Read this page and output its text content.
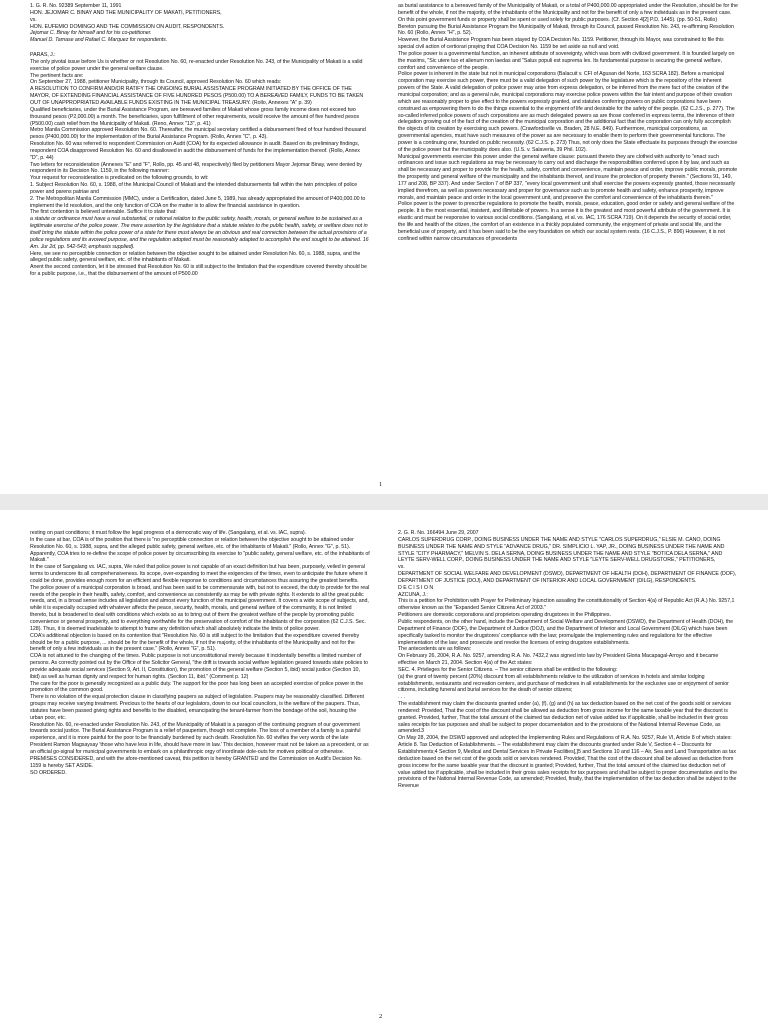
1. G. R. No. 92389 September 11, 1991

HON. JEJOMAR C. BINAY AND THE MUNICIPALITY OF MAKATI, PETITIONERS,

vs.

HON. EUFEMIO DOMINGO AND THE COMMISSION ON AUDIT, RESPONDENTS.

Jejomar C. Binay for himself and for his co-petitioner.

Manuel D. Tamase and Rafael C. Marquez for respondents.

PARAS, J.:

The only pivotal issue before Us is whether or not Resolution No. 60, re-enacted under Resolution No. 243, of the Municipality of Makati is a valid exercise of police power under the general welfare clause.

The pertinent facts are:

On September 27, 1988, petitioner Municipality, through its Council, approved Resolution No. 60 which reads:

A RESOLUTION TO CONFIRM AND/OR RATIFY THE ONGOING BURIAL ASSISTANCE PROGRAM INITIATED BY THE OFFICE OF THE MAYOR, OF EXTENDING FINANCIAL ASSISTANCE OF FIVE HUNDRED PESOS (P500.00) TO A BEREAVED FAMILY, FUNDS TO BE TAKEN OUT OF UNAPPROPRIATED AVAILABLE FUNDS EXISTING IN THE MUNICIPAL TREASURY. (Rollo, Annexes "A" p. 39)

Qualified beneficiaries, under the Burial Assistance Program, are bereaved families of Makati whose gross family income does not exceed two thousand pesos (P2,000.00) a month. The beneficiaries, upon fulfillment of other requirements, would receive the amount of five hundred pesos (P500.00) cash relief from the Municipality of Makati. (Reno, Annex "13", p. 41)

Metro Manila Commission approved Resolution No. 60. Thereafter, the municipal secretary certified a disbursement fired of four hundred thousand pesos (P400,000.00) for the implementation of the Burial Assistance Program. (Rollo, Annex "C", p. 43).

Resolution No. 60 was referred to respondent Commission on Audit (COA) for its expected allowance in audit. Based on its preliminary findings, respondent COA disapproved Resolution No. 60 and disallowed in audit the disbursement of funds for the implementation thereof. (Rollo, Annex "D", p. 44)

Two letters for reconsideration (Annexes "E" and "F", Rollo, pp. 45 and 48, respectively) filed by petitioners Mayor Jejomar Binay, were denied by respondent in its Decision No. 1159, in the following manner:

Your request for reconsideration is predicated on the following grounds, to wit:

1. Subject Resolution No. 60, s. 1988, of the Municipal Council of Makati and the intended disbursements fall within the twin principles of police power and parens patriae and

2. The Metropolitan Manila Commission (MMC), under a Certification, dated June 5, 1989, has already appropriated the amount of P400,000.00 to implement the Id resolution, and the only function of COA on the matter is to allow the financial assistance in question.

The first contention is believed untenable. Suffice it to state that:

a statute or ordinance must have a real substantial, or rational relation to the public safety, health, morals, or general welfare to be sustained as a legitimate exercise of the police power. The mere assertion by the legislature that a statute relates to the public health, safety, or welfare does not in itself bring the statute within the police power of a state for there must always be an obvious and real connection between the actual provisions of a police regulations and its avowed purpose, and the regulation adopted must be reasonably adapted to accomplish the end sought to be attained. 16 Am. Jur 2d, pp. 542-543; emphasis supplied).

Here, we see no perceptible connection or relation between the objective sought to be attained under Resolution No. 60, s. 1988, supra, and the alleged public safety, general welfare, etc. of the inhabitants of Makati.

Anent the second contention, let it be stressed that Resolution No. 60 is still subject to the limitation that the expenditure covered thereby should be for a public purpose, i.e., that the disbursement of the amount of P500.00

as burial assistance to a bereaved family of the Municipality of Makati, or a total of P400,000.00 appropriated under the Resolution, should be for the benefit of the whole, if not the majority, of the inhabitants of the Municipality and not for the benefit of only a few individuals as in the present case. On this point government funds or property shall be spent or used solely for public purposes. (Cf. Section 4[2] P.D. 1445). (pp. 50-51, Rollo)

Bereton pursuing the Burial Assistance Program the Municipality of Makati, through its Council, passed Resolution No. 243, re-affirming Resolution No. 60 (Rollo, Annex "H", p. 52).

However, the Burial Assistance Program has been stayed by COA Decision No. 1159. Petitioner, through its Mayor, was constrained to file this special civil action of certiorari praying that COA Decision No. 1159 be set aside as null and void.

The police power is a governmental function, an inherent attribute of sovereignty, which was born with civilized government. It is founded largely on the maxims, "Sic utere tuo et alienum non laedas and "Salus populi est suprema lex. Its fundamental purpose is securing the general welfare, comfort and convenience of the people.

Police power is inherent in the state but not in municipal corporations (Balacuit v. CFI of Agusan del Norte, 163 SCRA 182). Before a municipal corporation may exercise such power, there must be a valid delegation of such power by the legislature which is the repository of the inherent powers of the State. A valid delegation of police power may arise from express delegation, or be inferred from the mere fact of the creation of the municipal corporation; and as a general rule, municipal corporations may exercise police powers within the fair intent and purpose of their creation which are reasonably proper to give effect to the powers expressly granted, and statutes conferring powers on public corporations have been construed as empowering them to do the things essential to the enjoyment of life and desirable for the safety of the people. (62 C.J.S., p. 277). The so-called inferred police powers of such corporations are as much delegated powers as are those conferred in express terms, the inference of their delegation growing out of the fact of the creation of the municipal corporation and the additional fact that the corporation can only fully accomplish the objects of its creation by exercising such powers. (Crawfordsville vs. Braden, 28 N.E. 849). Furthermore, municipal corporations, as governmental agencies, must have such measures of the power as are necessary to enable them to perform their governmental functions. The power is a continuing one, founded on public necessity. (62 C.J.S. p. 273) Thus, not only does the State effectuate its purposes through the exercise of the police power but the municipality does also. (U.S. v. Salaveria, 39 Phil. 102).

Municipal governments exercise this power under the general welfare clause: pursuant thereto they are clothed with authority to "enact such ordinances and issue such regulations as may be necessary to carry out and discharge the responsibilities conferred upon it by law, and such as shall be necessary and proper to provide for the health, safety, comfort and convenience, maintain peace and order, improve public morals, promote the prosperity and general welfare of the municipality and the inhabitants thereof, and insure the protection of property therein." (Sections 91, 149, 177 and 208, BP 337). And under Section 7 of BP 337, "every local government unit shall exercise the powers expressly granted, those necessarily implied therefrom, as well as powers necessary and proper for governance such as to promote health and safety, enhance prosperity, improve morals, and maintain peace and order in the local government unit, and preserve the comfort and convenience of the inhabitants therein."

Police power is the power to prescribe regulations to promote the health, morals, peace, education, good order or safety and general welfare of the people. It is the most essential, insistent, and illimitable of powers. In a sense it is the greatest and most powerful attribute of the government. It is elastic and must be responsive to various social conditions. (Sangalang, et al. vs. IAC, 176 SCRA 719). On it depends the security of social order, the life and health of the citizen, the comfort of an existence in a thickly populated community, the enjoyment of private and social life, and the beneficial use of property, and it has been said to be the very foundation on which our social system rests. (16 C.J.S., P. 896) However, it is not confined within narrow circumstances of precedents

1

resting on past conditions; it must follow the legal progress of a democratic way of life. (Sangalang, et al. vs. IAC, supra).

In the case at bar, COA is of the position that there is "no perceptible connection or relation between the objective sought to be attained under Resolution No. 60, s. 1988, supra, and the alleged public safety, general welfare, etc. of the inhabitants of Makati." (Rollo, Annex "G", p. 51).

Apparently, COA tries to re-define the scope of police power by circumscribing its exercise to "public safety, general welfare, etc. of the inhabitants of Makati."

In the case of Sangalang vs. IAC, supra, We ruled that police power is not capable of an exact definition but has been, purposely, veiled in general terms to underscore its all comprehensiveness. Its scope, over-expanding to meet the exigencies of the times, even to anticipate the future where it could be done, provides enough room for an efficient and flexible response to conditions and circumstances thus assuring the greatest benefits.

The police power of a municipal corporation is broad, and has been said to be commensurate with, but not to exceed, the duty to provide for the real needs of the people in their health, safety, comfort, and convenience as consistently as may be with private rights. It extends to all the great public needs, and, in a broad sense includes all legislation and almost every function of the municipal government. It covers a wide scope of subjects, and, while it is especially occupied with whatever affects the peace, security, health, morals, and general welfare of the community, it is not limited thereto, but is broadened to deal with conditions which exists so as to bring out of them the greatest welfare of the people by promoting public convenience or general prosperity, and to everything worthwhile for the preservation of comfort of the inhabitants of the corporation (62 C.J.S. Sec. 128). Thus, it is deemed inadvisable to attempt to frame any definition which shall absolutely indicate the limits of police power.

COA's additional objection is based on its contention that "Resolution No. 60 is still subject to the limitation that the expenditure covered thereby should be for a public purpose, ... should be for the benefit of the whole, if not the majority, of the inhabitants of the Municipality and not for the benefit of only a few individuals as in the present case." (Rollo, Annex "G", p. 51).

COA is not attuned to the changing of the times. Public purpose is not unconstitutional merely because it incidentally benefits a limited number of persons. As correctly pointed out by the Office of the Solicitor General, "the drift is towards social welfare legislation geared towards state policies to provide adequate social services (Section 9, Art. II, Constitution), the promotion of the general welfare (Section 5, ibid) social justice (Section 10, ibid) as well as human dignity and respect for human rights. (Section 11, ibid." (Comment p. 12)

The care for the poor is generally recognized as a public duty. The support for the poor has long been an accepted exercise of police power in the promotion of the common good.

There is no violation of the equal protection clause in classifying paupers as subject of legislation. Paupers may be reasonably classified. Different groups may receive varying treatment. Precious to the hearts of our legislators, down to our local councilors, is the welfare of the paupers. Thus, statutes have been passed giving rights and benefits to the disabled, emancipating the tenant-farmer from the bondage of the soil, housing the urban poor, etc.

Resolution No. 60, re-enacted under Resolution No. 243, of the Municipality of Makati is a paragon of the continuing program of our government towards social justice. The Burial Assistance Program is a relief of pauperism, though not complete. The loss of a member of a family is a painful experience, and it is more painful for the poor to be financially burdened by such death. Resolution No. 60 vivifies the very words of the late President Ramon Magsaysay 'those who have less in life, should have more in law.' This decision, however must not be taken as a precedent, or as an official go-signal for municipal governments to embark on a philanthropic orgy of inordinate dole-outs for motives political or otherwise.

PREMISES CONSIDERED, and with the afore-mentioned caveat, this petition is hereby GRANTED and the Commission on Audit's Decision No. 1159 is hereby SET ASIDE.

SO ORDERED.

2. G. R. No. 166494 June 29, 2007

CARLOS SUPERDRUG CORP., DOING BUSINESS UNDER THE NAME AND STYLE "CARLOS SUPERDRUG," ELSIE M. CANO, DOING BUSINESS UNDER THE NAME AND STYLE "ADVANCE DRUG," DR. SIMPLICIO L. YAP, JR., DOING BUSINESS UNDER THE NAME AND STYLE "CITY PHARMACY," MELVIN S. DELA SERNA, DOING BUSINESS UNDER THE NAME AND STYLE "BOTICA DELA SERNA," AND LEYTE SERV-WELL CORP., DOING BUSINESS UNDER THE NAME AND STYLE "LEYTE SERV-WELL DRUGSTORE," PETITIONERS,

vs.

DEPARTMENT OF SOCIAL WELFARE AND DEVELOPMENT (DSWD), DEPARTMENT OF HEALTH (DOH), DEPARTMENT OF FINANCE (DOF), DEPARTMENT OF JUSTICE (DOJ), AND DEPARTMENT OF INTERIOR AND LOCAL GOVERNMENT (DILG), RESPONDENTS.

D E C I S I O N

AZCUNA, J.:

This is a petition for Prohibition with Prayer for Preliminary Injunction assailing the constitutionality of Section 4(a) of Republic Act (R.A.) No. 9257,1 otherwise known as the "Expanded Senior Citizens Act of 2003."

Petitioners are domestic corporations and proprietors operating drugstores in the Philippines.

Public respondents, on the other hand, include the Department of Social Welfare and Development (DSWD), the Department of Health (DOH), the Department of Finance (DOF), the Department of Justice (DOJ), and the Department of Interior and Local Government (DILG) which have been specifically tasked to monitor the drugstores' compliance with the law; promulgate the implementing rules and regulations for the effective implementation of the law; and prosecute and revoke the licenses of erring drugstore establishments.

The antecedents are as follows:

On February 26, 2004, R.A. No. 9257, amending R.A. No. 7432,2 was signed into law by President Gloria Macapagal-Arroyo and it became effective on March 21, 2004. Section 4(a) of the Act states:

SEC. 4. Privileges for the Senior Citizens. – The senior citizens shall be entitled to the following:

(a) the grant of twenty percent (20%) discount from all establishments relative to the utilization of services in hotels and similar lodging establishments, restaurants and recreation centers, and purchase of medicines in all establishments for the exclusive use or enjoyment of senior citizens, including funeral and burial services for the death of senior citizens;

. . .

The establishment may claim the discounts granted under (a), (f), (g) and (h) as tax deduction based on the net cost of the goods sold or services rendered: Provided, That the cost of the discount shall be allowed as deduction from gross income for the same taxable year that the discount is granted. Provided, further, That the total amount of the claimed tax deduction net of value added tax if applicable, shall be included in their gross sales receipts for tax purposes and shall be subject to proper documentation and to the provisions of the National Internal Revenue Code, as amended.3

On May 28, 2004, the DSWD approved and adopted the Implementing Rules and Regulations of R.A. No. 9257, Rule VI, Article 8 of which states:

Article 8. Tax Deduction of Establishments. – The establishment may claim the discounts granted under Rule V, Section 4 – Discounts for Establishments;4 Section 9, Medical and Dental Services in Private Facilities[,]5 and Sections 10 and 116 – Air, Sea and Land Transportation as tax deduction based on the net cost of the goods sold or services rendered. Provided, That the cost of the discount shall be allowed as deduction from gross income for the same taxable year that the discount is granted; Provided, further, That the total amount of the claimed tax deduction net of value added tax if applicable, shall be included in their gross sales receipts for tax purposes and shall be subject to proper documentation and to the provisions of the National Internal Revenue Code, as amended; Provided, finally, that the implementation of the tax deduction shall be subject to the Revenue

2
